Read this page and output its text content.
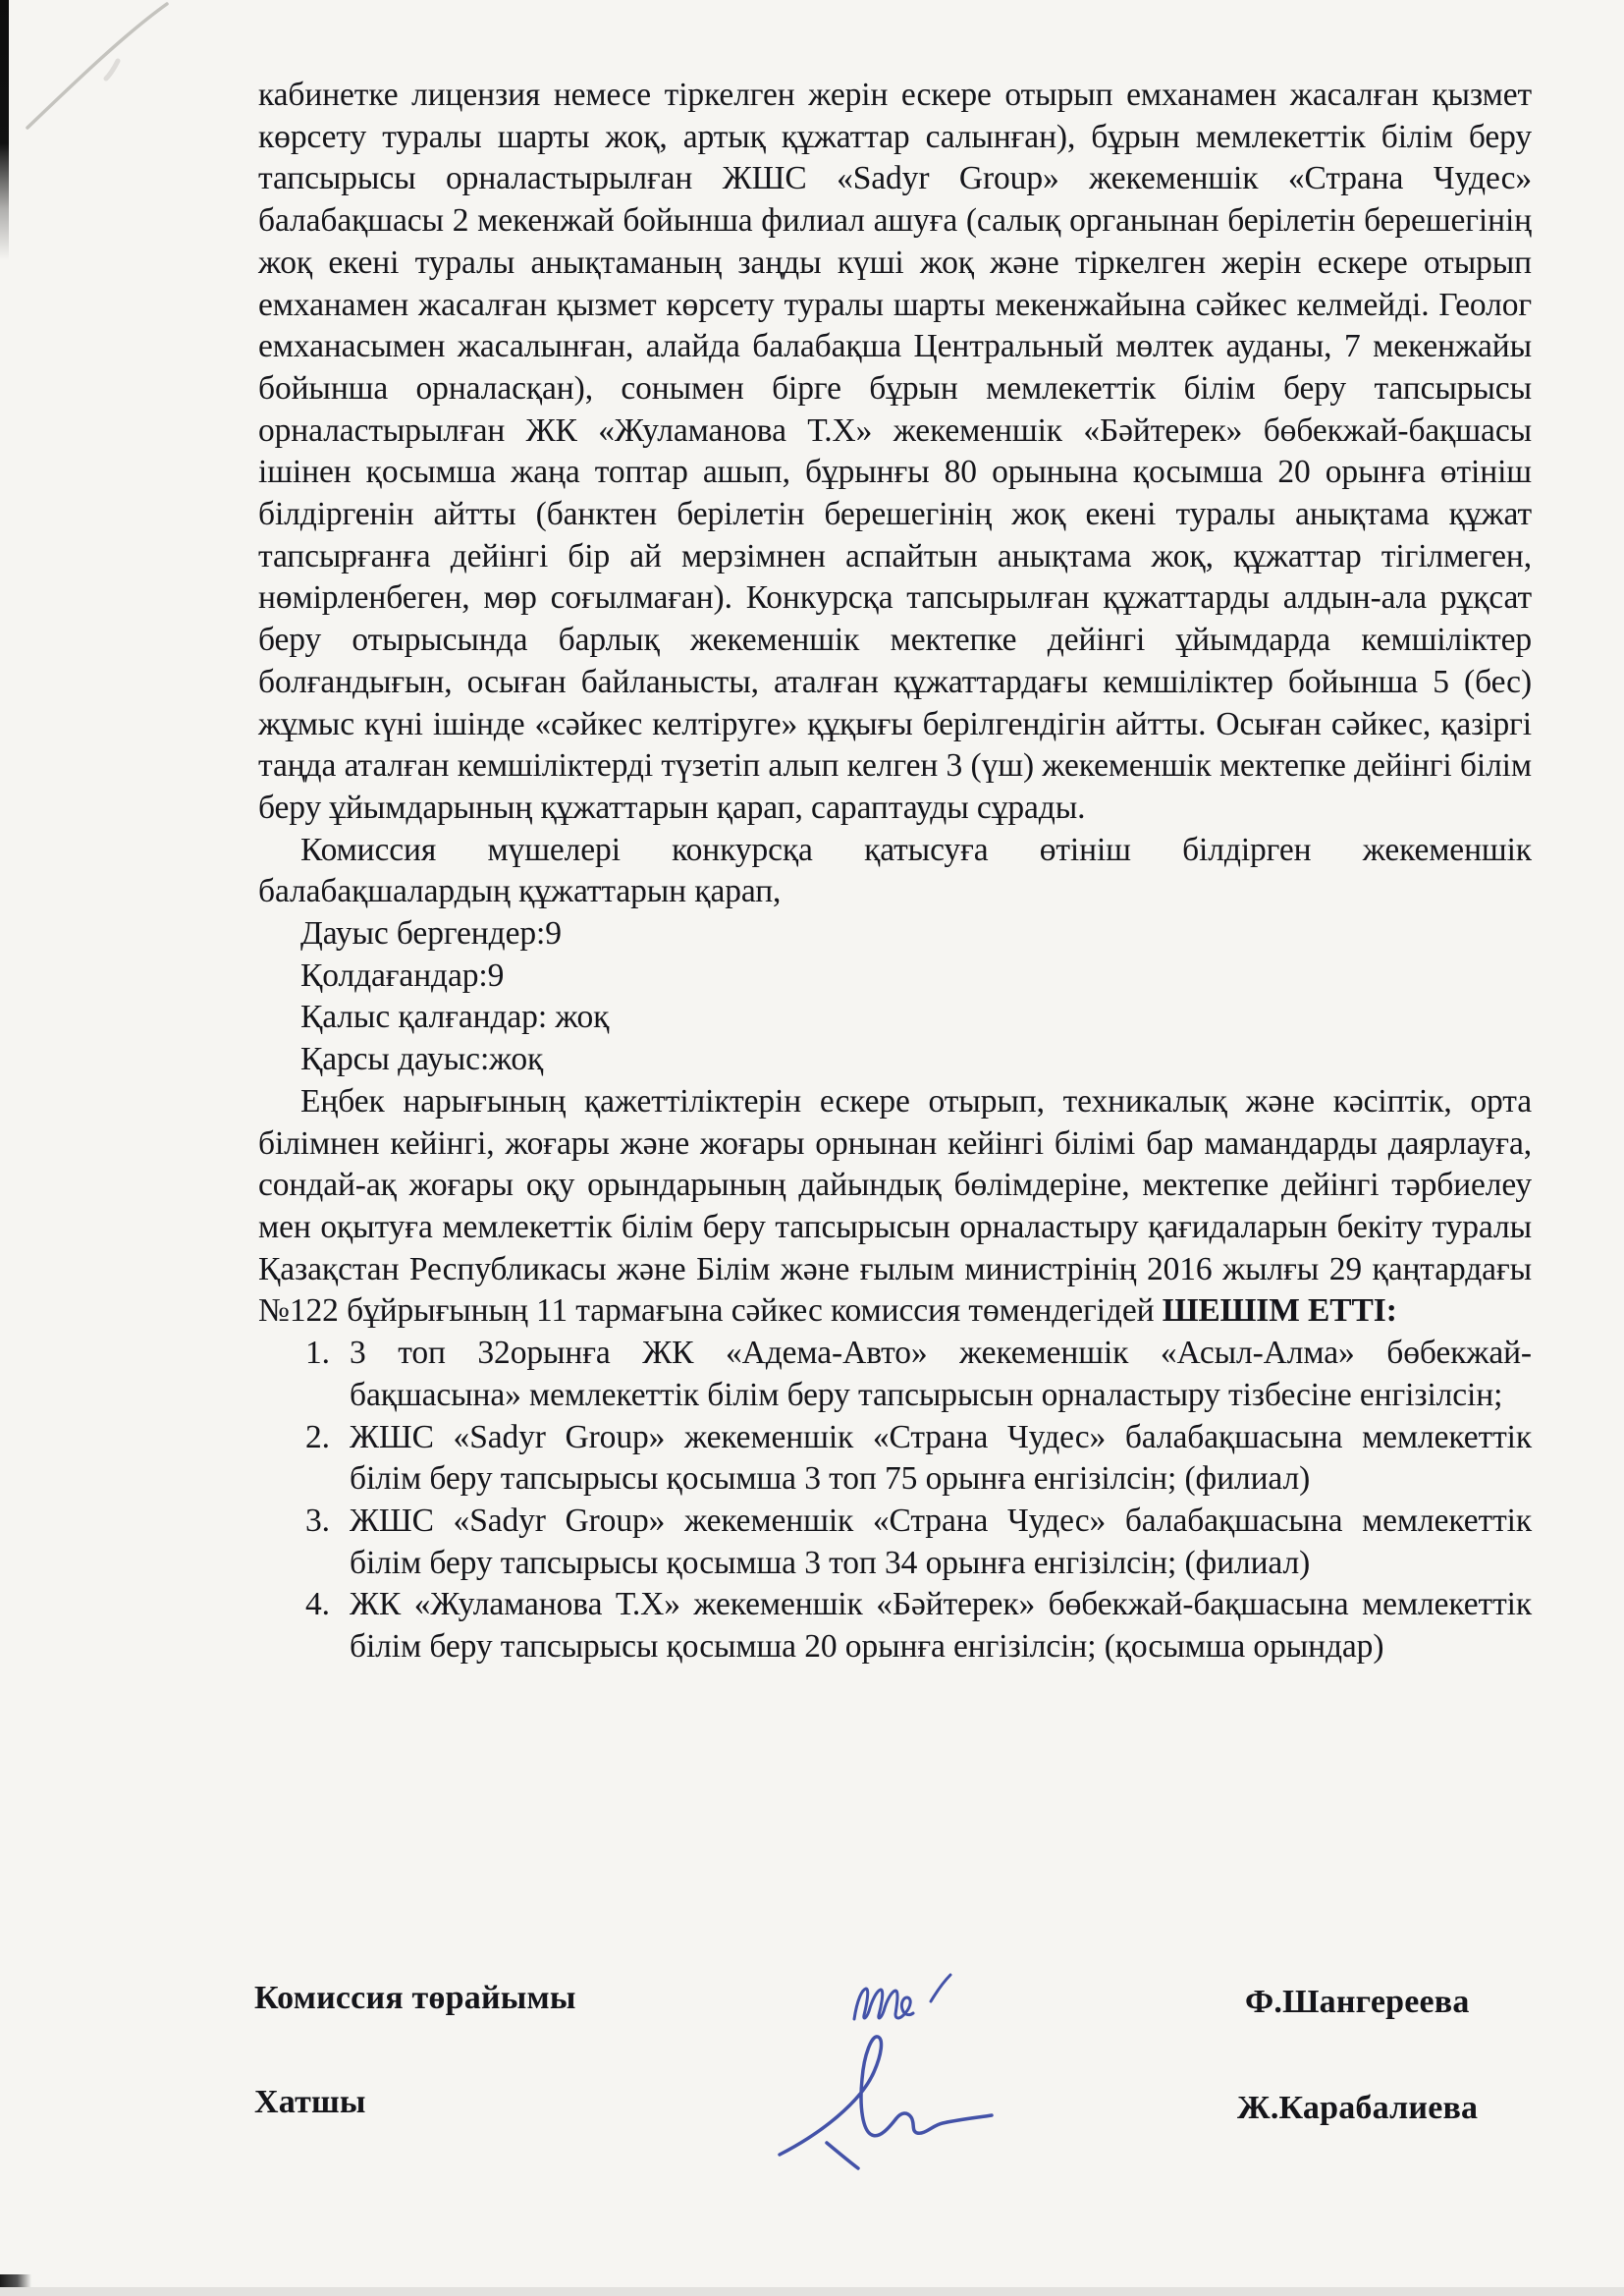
кабинетке лицензия немесе тіркелген жерін ескере отырып емханамен жасалған қызмет көрсету туралы шарты жоқ, артық құжаттар салынған), бұрын мемлекеттік білім беру тапсырысы орналастырылған ЖШС «Sadyr Group» жекеменшік «Страна Чудес» балабақшасы 2 мекенжай бойынша филиал ашуға (салық органынан берілетін берешегінің жоқ екені туралы анықтаманың заңды күші жоқ және тіркелген жерін ескере отырып емханамен жасалған қызмет көрсету туралы шарты мекенжайына сәйкес келмейді. Геолог емханасымен жасалынған, алайда балабақша Центральный мөлтек ауданы, 7 мекенжайы бойынша орналасқан), сонымен бірге бұрын мемлекеттік білім беру тапсырысы орналастырылған ЖК «Жуламанова Т.Х» жекеменшік «Бәйтерек» бөбекжай-бақшасы ішінен қосымша жаңа топтар ашып, бұрынғы 80 орынына қосымша 20 орынға өтініш білдіргенін айтты (банктен берілетін берешегінің жоқ екені туралы анықтама құжат тапсырғанға дейінгі бір ай мерзімнен аспайтын анықтама жоқ, құжаттар тігілмеген, нөмірленбеген, мөр соғылмаған). Конкурсқа тапсырылған құжаттарды алдын-ала рұқсат беру отырысында барлық жекеменшік мектепке дейінгі ұйымдарда кемшіліктер болғандығын, осыған байланысты, аталған құжаттардағы кемшіліктер бойынша 5 (бес) жұмыс күні ішінде «сәйкес келтіруге» құқығы берілгендігін айтты. Осыған сәйкес, қазіргі таңда аталған кемшіліктерді түзетіп алып келген 3 (үш) жекеменшік мектепке дейінгі білім беру ұйымдарының құжаттарын қарап, сараптауды сұрады.

Комиссия мүшелері конкурсқа қатысуға өтініш білдірген жекеменшік балабақшалардың құжаттарын қарап,

Дауыс бергендер:9

Қолдағандар:9

Қалыс қалғандар: жоқ

Қарсы дауыс:жоқ

Еңбек нарығының қажеттіліктерін ескере отырып, техникалық және кәсіптік, орта білімнен кейінгі, жоғары және жоғары орнынан кейінгі білімі бар мамандарды даярлауға, сондай-ақ жоғары оқу орындарының дайындық бөлімдеріне, мектепке дейінгі тәрбиелеу мен оқытуға мемлекеттік білім беру тапсырысын орналастыру қағидаларын бекіту туралы Қазақстан Республикасы және Білім және ғылым министрінің 2016 жылғы 29 қаңтардағы №122 бұйрығының 11 тармағына сәйкес комиссия төмендегідей ШЕШІМ ЕТТІ:

1. 3 топ 32орынға ЖК «Адема-Авто» жекеменшік «Асыл-Алма» бөбекжай-бақшасына» мемлекеттік білім беру тапсырысын орналастыру тізбесіне енгізілсін;
2. ЖШС «Sadyr Group» жекеменшік «Страна Чудес» балабақшасына мемлекеттік білім беру тапсырысы қосымша 3 топ 75 орынға енгізілсін; (филиал)
3. ЖШС «Sadyr Group» жекеменшік «Страна Чудес» балабақшасына мемлекеттік білім беру тапсырысы қосымша 3 топ 34 орынға енгізілсін; (филиал)
4. ЖК «Жуламанова Т.Х» жекеменшік «Бәйтерек» бөбекжай-бақшасына мемлекеттік білім беру тапсырысы қосымша 20 орынға енгізілсін; (қосымша орындар)
Комиссия төрайымы	Ф.Шангереева
Хатшы	Ж.Карабалиева
